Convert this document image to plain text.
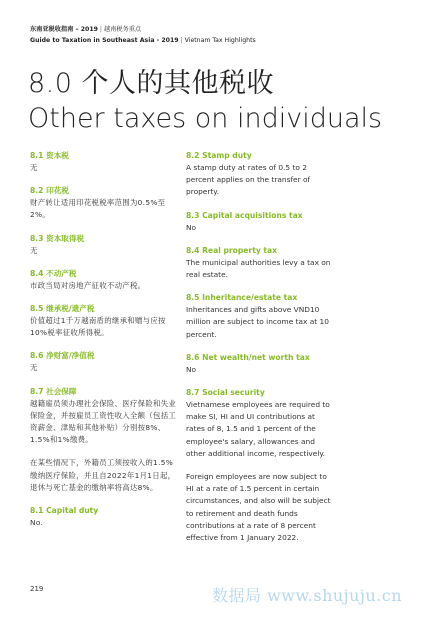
东南亚税收指南 – 2019 | 越南税务重点
Guide to Taxation in Southeast Asia - 2019 | Vietnam Tax Highlights
8.0 个人的其他税收
Other taxes on individuals
8.1 资本税

无

8.2 印花税

财产转让适用印花税税率范围为0.5%至2%。

8.3 资本取得税

无

8.4 不动产税

市政当局对房地产征收不动产税。

8.5 继承税/遗产税

价值超过1千万越南盾的继承和赠与应按10%税率征收所得税。

8.6 净财富/净值税

无

8.7 社会保障

越籍雇员须办理社会保险、医疗保险和失业保险金，并按雇员工资性收入全额（包括工资薪金、津贴和其他补贴）分别按8%、1.5%和1%缴费。

在某些情况下，外籍员工须按收入的1.5%缴纳医疗保险，并且自2022年1月1日起，退休与死亡基金的缴纳率将高达8%。

8.1 Capital duty

No.

8.2 Stamp duty

A stamp duty at rates of 0.5 to 2 percent applies on the transfer of property.

8.3 Capital acquisitions tax

No

8.4 Real property tax

The municipal authorities levy a tax on real estate.

8.5 Inheritance/estate tax

Inheritances and gifts above VND10 million are subject to income tax at 10 percent.

8.6 Net wealth/net worth tax

No

8.7 Social security

Vietnamese employees are required to make SI, HI and UI contributions at rates of 8, 1.5 and 1 percent of the employee's salary, allowances and other additional income, respectively.

Foreign employees are now subject to HI at a rate of 1.5 percent in certain circumstances, and also will be subject to retirement and death funds contributions at a rate of 8 percent effective from 1 January 2022.

219	数据局 www.shujuju.cn
